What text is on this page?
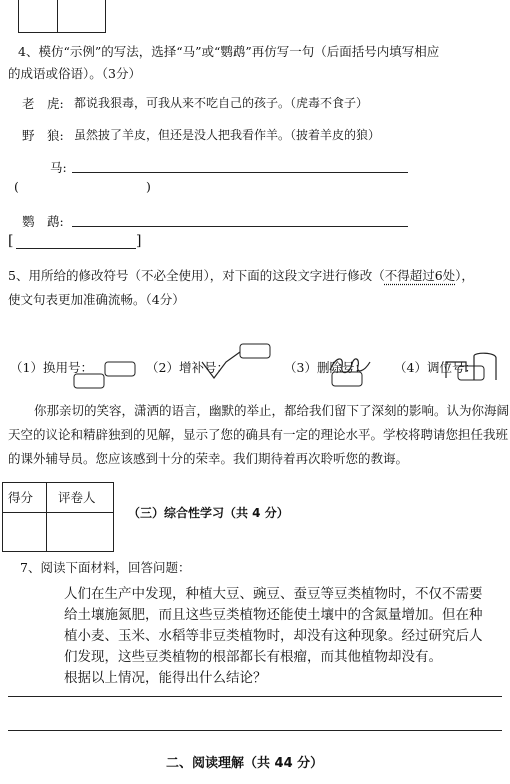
4、模仿“示例”的写法，选择“马”或“鹦鹉”再仿写一句（后面括号内填写相应
的成语或俗语）。（3分）
老　虎: 都说我狠毒，可我从来不吃自己的孩子。（虎毒不食子）
野　狼: 虽然披了羊皮，但还是没人把我看作羊。（披着羊皮的狼）
马:
(	)
鹦　鹉:
[	]
5、用所给的修改符号（不必全使用），对下面的这段文字进行修改（不得超过6处），
使文句表更加准确流畅。（4分）
（1）换用号：	（2）增补号：	（3）删除号： （4）调位号：
你那亲切的笑容，潇洒的语言，幽默的举止，都给我们留下了深刻的影响。认为你海阔
天空的议论和精辟独到的见解，显示了您的确具有一定的理论水平。学校将聘请您担任我班
的课外辅导员。您应该感到十分的荣幸。我们期待着再次聆听您的教诲。
得分 评卷人
（三）综合性学习（共 4 分）
7、阅读下面材料，回答问题：
人们在生产中发现，种植大豆、豌豆、蚕豆等豆类植物时，不仅不需要
给土壤施氮肥，而且这些豆类植物还能使土壤中的含氮量增加。但在种
植小麦、玉米、水稻等非豆类植物时，却没有这种现象。经过研究后人
们发现，这些豆类植物的根部都长有根瘤，而其他植物却没有。
根据以上情况，能得出什么结论？
二、阅读理解（共 44 分）
